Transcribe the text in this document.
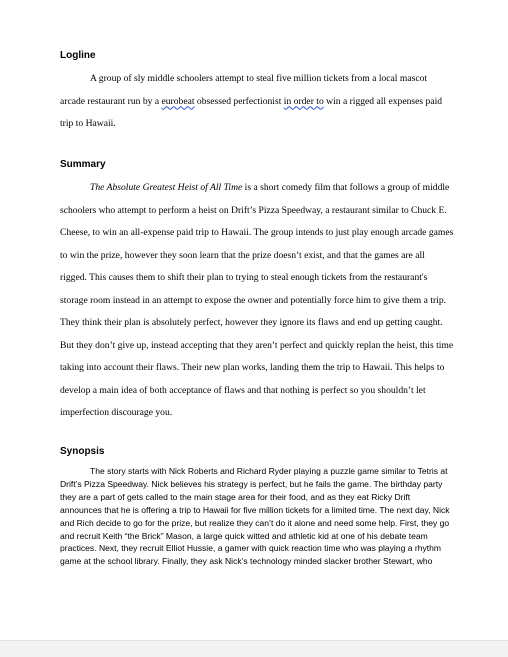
Logline

A group of sly middle schoolers attempt to steal five million tickets from a local mascot arcade restaurant run by a eurobeat obsessed perfectionist in order to win a rigged all expenses paid trip to Hawaii.

Summary

The Absolute Greatest Heist of All Time is a short comedy film that follows a group of middle schoolers who attempt to perform a heist on Drift’s Pizza Speedway, a restaurant similar to Chuck E. Cheese, to win an all-expense paid trip to Hawaii. The group intends to just play enough arcade games to win the prize, however they soon learn that the prize doesn’t exist, and that the games are all rigged. This causes them to shift their plan to trying to steal enough tickets from the restaurant's storage room instead in an attempt to expose the owner and potentially force him to give them a trip. They think their plan is absolutely perfect, however they ignore its flaws and end up getting caught. But they don’t give up, instead accepting that they aren’t perfect and quickly replan the heist, this time taking into account their flaws. Their new plan works, landing them the trip to Hawaii. This helps to develop a main idea of both acceptance of flaws and that nothing is perfect so you shouldn’t let imperfection discourage you.

Synopsis

The story starts with Nick Roberts and Richard Ryder playing a puzzle game similar to Tetris at Drift’s Pizza Speedway. Nick believes his strategy is perfect, but he fails the game. The birthday party they are a part of gets called to the main stage area for their food, and as they eat Ricky Drift announces that he is offering a trip to Hawaii for five million tickets for a limited time. The next day, Nick and Rich decide to go for the prize, but realize they can’t do it alone and need some help. First, they go and recruit Keith “the Brick” Mason, a large quick witted and athletic kid at one of his debate team practices. Next, they recruit Elliot Hussie, a gamer with quick reaction time who was playing a rhythm game at the school library. Finally, they ask Nick’s technology minded slacker brother Stewart, who
